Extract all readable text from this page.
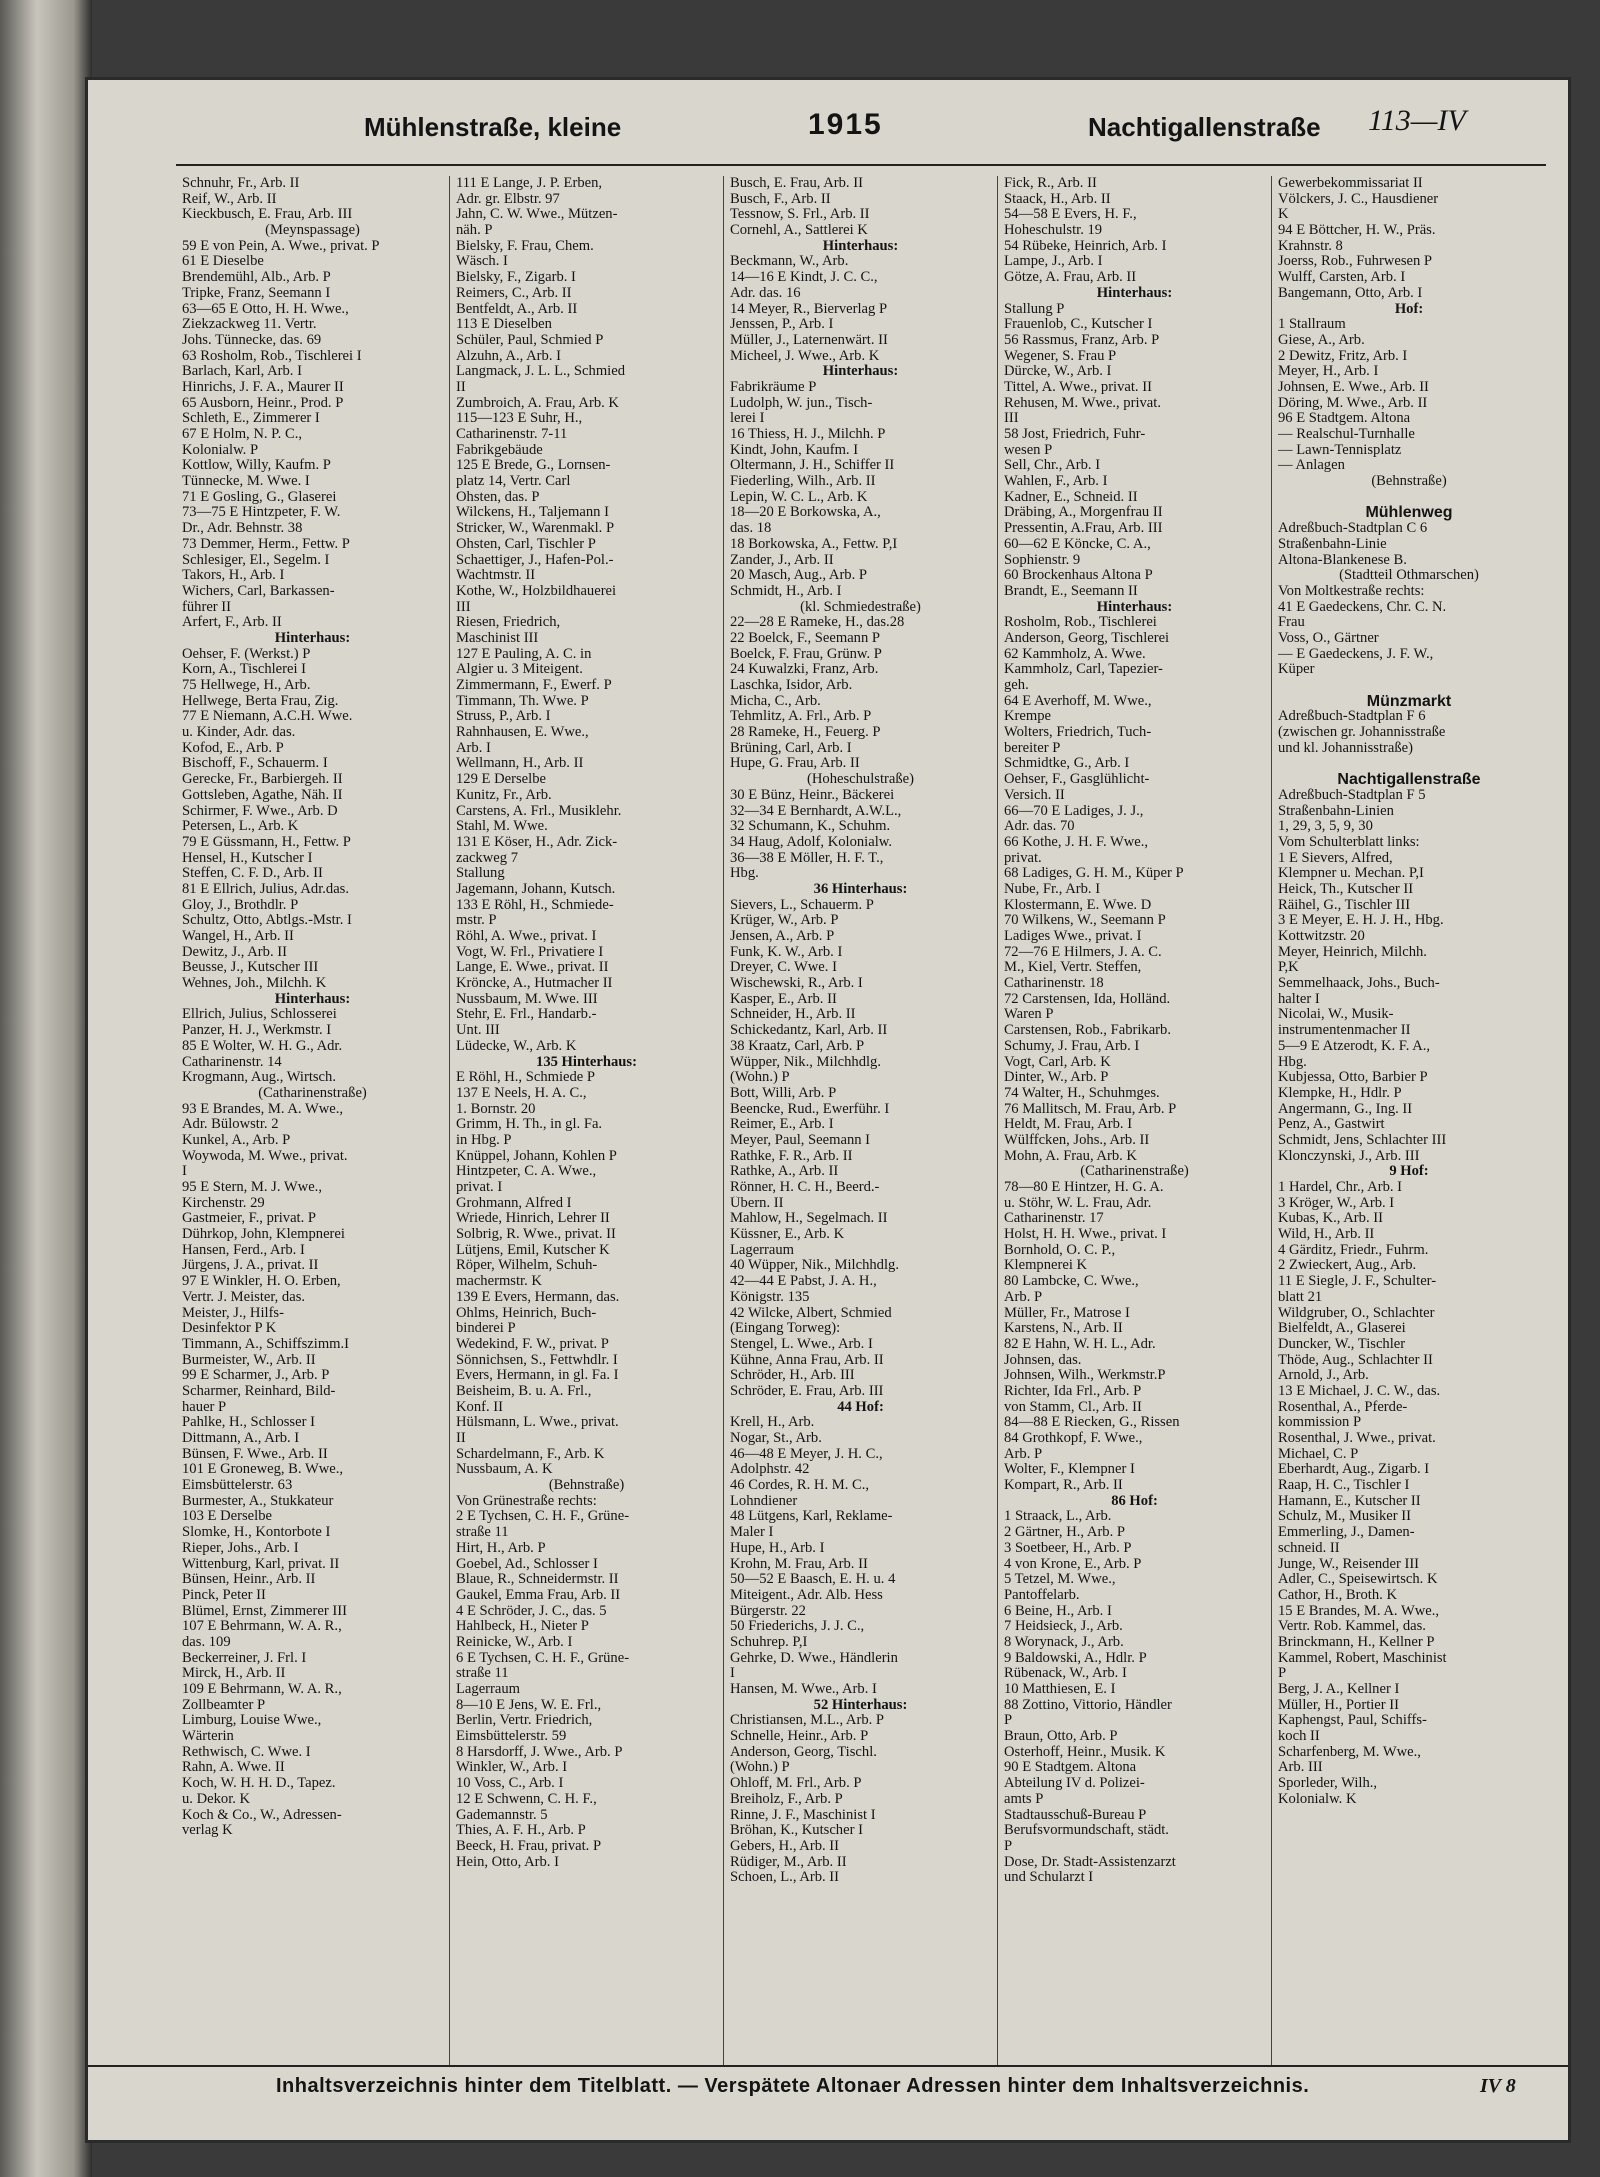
Mühlenstraße, kleine	1915	Nachtigallenstraße 113—IV
Schnuhr, Fr., Arb. II
Reif, W., Arb. II
Kieckbusch, E. Frau, Arb. III
(Meynspassage)
59 E von Pein, A. Wwe., privat. P
61 E Dieselbe
Brendemühl, Alb., Arb. P
Tripke, Franz, Seemann I
63—65 E Otto, H. H. Wwe.,
Ziekzackweg 11. Vertr.
Johs. Tünnecke, das. 69
63 Rosholm, Rob., Tischlerei I
Barlach, Karl, Arb. I
Hinrichs, J. F. A., Maurer II
65 Ausborn, Heinr., Prod. P
Schleth, E., Zimmerer I
67 E Holm, N. P. C.,
Kolonialw. P
Kottlow, Willy, Kaufm. P
Tünnecke, M. Wwe. I
71 E Gosling, G., Glaserei
73—75 E Hintzpeter, F. W.
Dr., Adr. Behnstr. 38
73 Demmer, Herm., Fettw. P
Schlesiger, El., Segelm. I
Takors, H., Arb. I
Wichers, Carl, Barkassen-
führer II
Arfert, F., Arb. II
Hinterhaus:
Oehser, F. (Werkst.) P
Korn, A., Tischlerei I
75 Hellwege, H., Arb.
Hellwege, Berta Frau, Zig.
77 E Niemann, A.C.H. Wwe.
u. Kinder, Adr. das.
Kofod, E., Arb. P
Bischoff, F., Schauerm. I
Gerecke, Fr., Barbiergeh. II
Gottsleben, Agathe, Näh. II
Schirmer, F. Wwe., Arb. D
Petersen, L., Arb. K
79 E Güssmann, H., Fettw. P
Hensel, H., Kutscher I
Steffen, C. F. D., Arb. II
81 E Ellrich, Julius, Adr.das.
Gloy, J., Brothdlr. P
Schultz, Otto, Abtlgs.-Mstr. I
Wangel, H., Arb. II
Dewitz, J., Arb. II
Beusse, J., Kutscher III
Wehnes, Joh., Milchh. K
Hinterhaus:
Ellrich, Julius, Schlosserei
Panzer, H. J., Werkmstr. I
85 E Wolter, W. H. G., Adr.
Catharinenstr. 14
Krogmann, Aug., Wirtsch.
(Catharinenstraße)
93 E Brandes, M. A. Wwe.,
Adr. Bülowstr. 2
Kunkel, A., Arb. P
Woywoda, M. Wwe., privat.
I
95 E Stern, M. J. Wwe.,
Kirchenstr. 29
Gastmeier, F., privat. P
Dührkop, John, Klempnerei
Hansen, Ferd., Arb. I
Jürgens, J. A., privat. II
97 E Winkler, H. O. Erben,
Vertr. J. Meister, das.
Meister, J., Hilfs-
Desinfektor P K
Timmann, A., Schiffszimm.I
Burmeister, W., Arb. II
99 E Scharmer, J., Arb. P
Scharmer, Reinhard, Bild-
hauer P
Pahlke, H., Schlosser I
Dittmann, A., Arb. I
Bünsen, F. Wwe., Arb. II
101 E Groneweg, B. Wwe.,
Eimsbüttelerstr. 63
Burmester, A., Stukkateur
103 E Derselbe
Slomke, H., Kontorbote I
Rieper, Johs., Arb. I
Wittenburg, Karl, privat. II
Bünsen, Heinr., Arb. II
Pinck, Peter II
Blümel, Ernst, Zimmerer III
107 E Behrmann, W. A. R.,
das. 109
Beckerreiner, J. Frl. I
Mirck, H., Arb. II
109 E Behrmann, W. A. R.,
Zollbeamter P
Limburg, Louise Wwe.,
Wärterin
Rethwisch, C. Wwe. I
Rahn, A. Wwe. II
Koch, W. H. H. D., Tapez.
u. Dekor. K
Koch & Co., W., Adressen-
verlag K
111 E Lange, J. P. Erben,
Adr. gr. Elbstr. 97
Jahn, C. W. Wwe., Mützen-
näh. P
Bielsky, F. Frau, Chem.
Wäsch. I
Bielsky, F., Zigarb. I
Reimers, C., Arb. II
Bentfeldt, A., Arb. II
113 E Dieselben
Schüler, Paul, Schmied P
Alzuhn, A., Arb. I
Langmack, J. L. L., Schmied
II
Zumbroich, A. Frau, Arb. K
115—123 E Suhr, H.,
Catharinenstr. 7-11
Fabrikgebäude
125 E Brede, G., Lornsen-
platz 14, Vertr. Carl
Ohsten, das. P
Wilckens, H., Taljemann I
Stricker, W., Warenmakl. P
Ohsten, Carl, Tischler P
Schaettiger, J., Hafen-Pol.-
Wachtmstr. II
Kothe, W., Holzbildhauerei
III
Riesen, Friedrich,
Maschinist III
127 E Pauling, A. C. in
Algier u. 3 Miteigent.
Zimmermann, F., Ewerf. P
Timmann, Th. Wwe. P
Struss, P., Arb. I
Rahnhausen, E. Wwe.,
Arb. I
Wellmann, H., Arb. II
129 E Derselbe
Kunitz, Fr., Arb.
Carstens, A. Frl., Musiklehr.
Stahl, M. Wwe.
131 E Köser, H., Adr. Zick-
zackweg 7
Stallung
Jagemann, Johann, Kutsch.
133 E Röhl, H., Schmiede-
mstr. P
Röhl, A. Wwe., privat. I
Vogt, W. Frl., Privatiere I
Lange, E. Wwe., privat. II
Kröncke, A., Hutmacher II
Nussbaum, M. Wwe. III
Stehr, E. Frl., Handarb.-
Unt. III
Lüdecke, W., Arb. K
135 Hinterhaus:
E Röhl, H., Schmiede P
137 E Neels, H. A. C.,
1. Bornstr. 20
Grimm, H. Th., in gl. Fa.
in Hbg. P
Knüppel, Johann, Kohlen P
Hintzpeter, C. A. Wwe.,
privat. I
Grohmann, Alfred I
Wriede, Hinrich, Lehrer II
Solbrig, R. Wwe., privat. II
Lütjens, Emil, Kutscher K
Röper, Wilhelm, Schuh-
machermstr. K
139 E Evers, Hermann, das.
Ohlms, Heinrich, Buch-
binderei P
Wedekind, F. W., privat. P
Sönnichsen, S., Fettwhdlr. I
Evers, Hermann, in gl. Fa. I
Beisheim, B. u. A. Frl.,
Konf. II
Hülsmann, L. Wwe., privat.
II
Schardelmann, F., Arb. K
Nussbaum, A. K
(Behnstraße)
Von Grünestraße rechts:
2 E Tychsen, C. H. F., Grüne-
straße 11
Hirt, H., Arb. P
Goebel, Ad., Schlosser I
Blaue, R., Schneidermstr. II
Gaukel, Emma Frau, Arb. II
4 E Schröder, J. C., das. 5
Hahlbeck, H., Nieter P
Reinicke, W., Arb. I
6 E Tychsen, C. H. F., Grüne-
straße 11
Lagerraum
8—10 E Jens, W. E. Frl.,
Berlin, Vertr. Friedrich,
Eimsbüttelerstr. 59
8 Harsdorff, J. Wwe., Arb. P
Winkler, W., Arb. I
10 Voss, C., Arb. I
12 E Schwenn, C. H. F.,
Gademannstr. 5
Thies, A. F. H., Arb. P
Beeck, H. Frau, privat. P
Hein, Otto, Arb. I
Busch, E. Frau, Arb. II
Busch, F., Arb. II
Tessnow, S. Frl., Arb. II
Cornehl, A., Sattlerei K
Hinterhaus:
Beckmann, W., Arb.
14—16 E Kindt, J. C. C.,
Adr. das. 16
14 Meyer, R., Bierverlag P
Jenssen, P., Arb. I
Müller, J., Laternenwärt. II
Micheel, J. Wwe., Arb. K
Hinterhaus:
Fabrikräume P
Ludolph, W. jun., Tisch-
lerei I
16 Thiess, H. J., Milchh. P
Kindt, John, Kaufm. I
Oltermann, J. H., Schiffer II
Fiederling, Wilh., Arb. II
Lepin, W. C. L., Arb. K
18—20 E Borkowska, A.,
das. 18
18 Borkowska, A., Fettw. P,I
Zander, J., Arb. II
20 Masch, Aug., Arb. P
Schmidt, H., Arb. I
(kl. Schmiedestraße)
22—28 E Rameke, H., das.28
22 Boelck, F., Seemann P
Boelck, F. Frau, Grünw. P
24 Kuwalzki, Franz, Arb.
Laschka, Isidor, Arb.
Micha, C., Arb.
Tehmlitz, A. Frl., Arb. P
28 Rameke, H., Feuerg. P
Brüning, Carl, Arb. I
Hupe, G. Frau, Arb. II
(Hoheschulstraße)
30 E Bünz, Heinr., Bäckerei
32—34 E Bernhardt, A.W.L.,
32 Schumann, K., Schuhm.
34 Haug, Adolf, Kolonialw.
36—38 E Möller, H. F. T.,
Hbg.
36 Hinterhaus:
Sievers, L., Schauerm. P
Krüger, W., Arb. P
Jensen, A., Arb. P
Funk, K. W., Arb. I
Dreyer, C. Wwe. I
Wischewski, R., Arb. I
Kasper, E., Arb. II
Schneider, H., Arb. II
Schickedantz, Karl, Arb. II
38 Kraatz, Carl, Arb. P
Wüpper, Nik., Milchhdlg.
(Wohn.) P
Bott, Willi, Arb. P
Beencke, Rud., Ewerführ. I
Reimer, E., Arb. I
Meyer, Paul, Seemann I
Rathke, F. R., Arb. II
Rathke, A., Arb. II
Rönner, H. C. H., Beerd.-
Übern. II
Mahlow, H., Segelmach. II
Küssner, E., Arb. K
Lagerraum
40 Wüpper, Nik., Milchhdlg.
42—44 E Pabst, J. A. H.,
Königstr. 135
42 Wilcke, Albert, Schmied
(Eingang Torweg):
Stengel, L. Wwe., Arb. I
Kühne, Anna Frau, Arb. II
Schröder, H., Arb. III
Schröder, E. Frau, Arb. III
44 Hof:
Krell, H., Arb.
Nogar, St., Arb.
46—48 E Meyer, J. H. C.,
Adolphstr. 42
46 Cordes, R. H. M. C.,
Lohndiener
48 Lütgens, Karl, Reklame-
Maler I
Hupe, H., Arb. I
Krohn, M. Frau, Arb. II
50—52 E Baasch, E. H. u. 4
Miteigent., Adr. Alb. Hess
Bürgerstr. 22
50 Friederichs, J. J. C.,
Schuhrep. P,I
Gehrke, D. Wwe., Händlerin
I
Hansen, M. Wwe., Arb. I
52 Hinterhaus:
Christiansen, M.L., Arb. P
Schnelle, Heinr., Arb. P
Anderson, Georg, Tischl.
(Wohn.) P
Ohloff, M. Frl., Arb. P
Breiholz, F., Arb. P
Rinne, J. F., Maschinist I
Bröhan, K., Kutscher I
Gebers, H., Arb. II
Rüdiger, M., Arb. II
Schoen, L., Arb. II
Fick, R., Arb. II
Staack, H., Arb. II
54—58 E Evers, H. F.,
Hoheschulstr. 19
54 Rübeke, Heinrich, Arb. I
Lampe, J., Arb. I
Götze, A. Frau, Arb. II
Hinterhaus:
Stallung P
Frauenlob, C., Kutscher I
56 Rassmus, Franz, Arb. P
Wegener, S. Frau P
Dürcke, W., Arb. I
Tittel, A. Wwe., privat. II
Rehusen, M. Wwe., privat.
III
58 Jost, Friedrich, Fuhr-
wesen P
Sell, Chr., Arb. I
Wahlen, F., Arb. I
Kadner, E., Schneid. II
Dräbing, A., Morgenfrau II
Pressentin, A.Frau, Arb. III
60—62 E Köncke, C. A.,
Sophienstr. 9
60 Brockenhaus Altona P
Brandt, E., Seemann II
Hinterhaus:
Rosholm, Rob., Tischlerei
Anderson, Georg, Tischlerei
62 Kammholz, A. Wwe.
Kammholz, Carl, Tapezier-
geh.
64 E Averhoff, M. Wwe.,
Krempe
Wolters, Friedrich, Tuch-
bereiter P
Schmidtke, G., Arb. I
Oehser, F., Gasglühlicht-
Versich. II
66—70 E Ladiges, J. J.,
Adr. das. 70
66 Kothe, J. H. F. Wwe.,
privat.
68 Ladiges, G. H. M., Küper P
Nube, Fr., Arb. I
Klostermann, E. Wwe. D
70 Wilkens, W., Seemann P
Ladiges Wwe., privat. I
72—76 E Hilmers, J. A. C.
M., Kiel, Vertr. Steffen,
Catharinenstr. 18
72 Carstensen, Ida, Holländ.
Waren P
Carstensen, Rob., Fabrikarb.
Schumy, J. Frau, Arb. I
Vogt, Carl, Arb. K
Dinter, W., Arb. P
74 Walter, H., Schuhmges.
76 Mallitsch, M. Frau, Arb. P
Heldt, M. Frau, Arb. I
Wülffcken, Johs., Arb. II
Mohn, A. Frau, Arb. K
(Catharinenstraße)
78—80 E Hintzer, H. G. A.
u. Stöhr, W. L. Frau, Adr.
Catharinenstr. 17
Holst, H. H. Wwe., privat. I
Bornhold, O. C. P.,
Klempnerei K
80 Lambcke, C. Wwe.,
Arb. P
Müller, Fr., Matrose I
Karstens, N., Arb. II
82 E Hahn, W. H. L., Adr.
Johnsen, das.
Johnsen, Wilh., Werkmstr.P
Richter, Ida Frl., Arb. P
von Stamm, Cl., Arb. II
84—88 E Riecken, G., Rissen
84 Grothkopf, F. Wwe.,
Arb. P
Wolter, F., Klempner I
Kompart, R., Arb. II
86 Hof:
1 Straack, L., Arb.
2 Gärtner, H., Arb. P
3 Soetbeer, H., Arb. P
4 von Krone, E., Arb. P
5 Tetzel, M. Wwe.,
Pantoffelarb.
6 Beine, H., Arb. I
7 Heidsieck, J., Arb.
8 Worynack, J., Arb.
9 Baldowski, A., Hdlr. P
Rübenack, W., Arb. I
10 Matthiesen, E. I
88 Zottino, Vittorio, Händler
P
Braun, Otto, Arb. P
Osterhoff, Heinr., Musik. K
90 E Stadtgem. Altona
Abteilung IV d. Polizei-
amts P
Stadtausschuß-Bureau P
Berufsvormundschaft, städt.
P
Dose, Dr. Stadt-Assistenzarzt
und Schularzt I
Gewerbekommissariat II
Völckers, J. C., Hausdiener
K
94 E Böttcher, H. W., Präs.
Krahnstr. 8
Joerss, Rob., Fuhrwesen P
Wulff, Carsten, Arb. I
Bangemann, Otto, Arb. I
Hof:
1 Stallraum
Giese, A., Arb.
2 Dewitz, Fritz, Arb. I
Meyer, H., Arb. I
Johnsen, E. Wwe., Arb. II
Döring, M. Wwe., Arb. II
96 E Stadtgem. Altona
— Realschul-Turnhalle
— Lawn-Tennisplatz
— Anlagen
(Behnstraße)
Mühlenweg
Adreßbuch-Stadtplan C 6
Straßenbahn-Linie
Altona-Blankenese B.
(Stadtteil Othmarschen)
Von Moltkestraße rechts:
41 E Gaedeckens, Chr. C. N.
Frau
Voss, O., Gärtner
— E Gaedeckens, J. F. W.,
Küper
Münzmarkt
Adreßbuch-Stadtplan F 6
(zwischen gr. Johannisstraße
und kl. Johannisstraße)
Nachtigallenstraße
Adreßbuch-Stadtplan F 5
Straßenbahn-Linien
1, 29, 3, 5, 9, 30
Vom Schulterblatt links:
1 E Sievers, Alfred,
Klempner u. Mechan. P,I
Heick, Th., Kutscher II
Räihel, G., Tischler III
3 E Meyer, E. H. J. H., Hbg.
Kottwitzstr. 20
Meyer, Heinrich, Milchh.
P,K
Semmelhaack, Johs., Buch-
halter I
Nicolai, W., Musik-
instrumentenmacher II
5—9 E Atzerodt, K. F. A.,
Hbg.
Kubjessa, Otto, Barbier P
Klempke, H., Hdlr. P
Angermann, G., Ing. II
Penz, A., Gastwirt
Schmidt, Jens, Schlachter III
Klonczynski, J., Arb. III
9 Hof:
1 Hardel, Chr., Arb. I
3 Kröger, W., Arb. I
Kubas, K., Arb. II
Wild, H., Arb. II
4 Gärditz, Friedr., Fuhrm.
2 Zwieckert, Aug., Arb.
11 E Siegle, J. F., Schulter-
blatt 21
Wildgruber, O., Schlachter
Bielfeldt, A., Glaserei
Duncker, W., Tischler
Thöde, Aug., Schlachter II
Arnold, J., Arb.
13 E Michael, J. C. W., das.
Rosenthal, A., Pferde-
kommission P
Rosenthal, J. Wwe., privat.
Michael, C. P
Eberhardt, Aug., Zigarb. I
Raap, H. C., Tischler I
Hamann, E., Kutscher II
Schulz, M., Musiker II
Emmerling, J., Damen-
schneid. II
Junge, W., Reisender III
Adler, C., Speisewirtsch. K
Cathor, H., Broth. K
15 E Brandes, M. A. Wwe.,
Vertr. Rob. Kammel, das.
Brinckmann, H., Kellner P
Kammel, Robert, Maschinist
P
Berg, J. A., Kellner I
Müller, H., Portier II
Kaphengst, Paul, Schiffs-
koch II
Scharfenberg, M. Wwe.,
Arb. III
Sporleder, Wilh.,
Kolonialw. K
Inhaltsverzeichnis hinter dem Titelblatt. — Verspätete Altonaer Adressen hinter dem Inhaltsverzeichnis.	IV 8
